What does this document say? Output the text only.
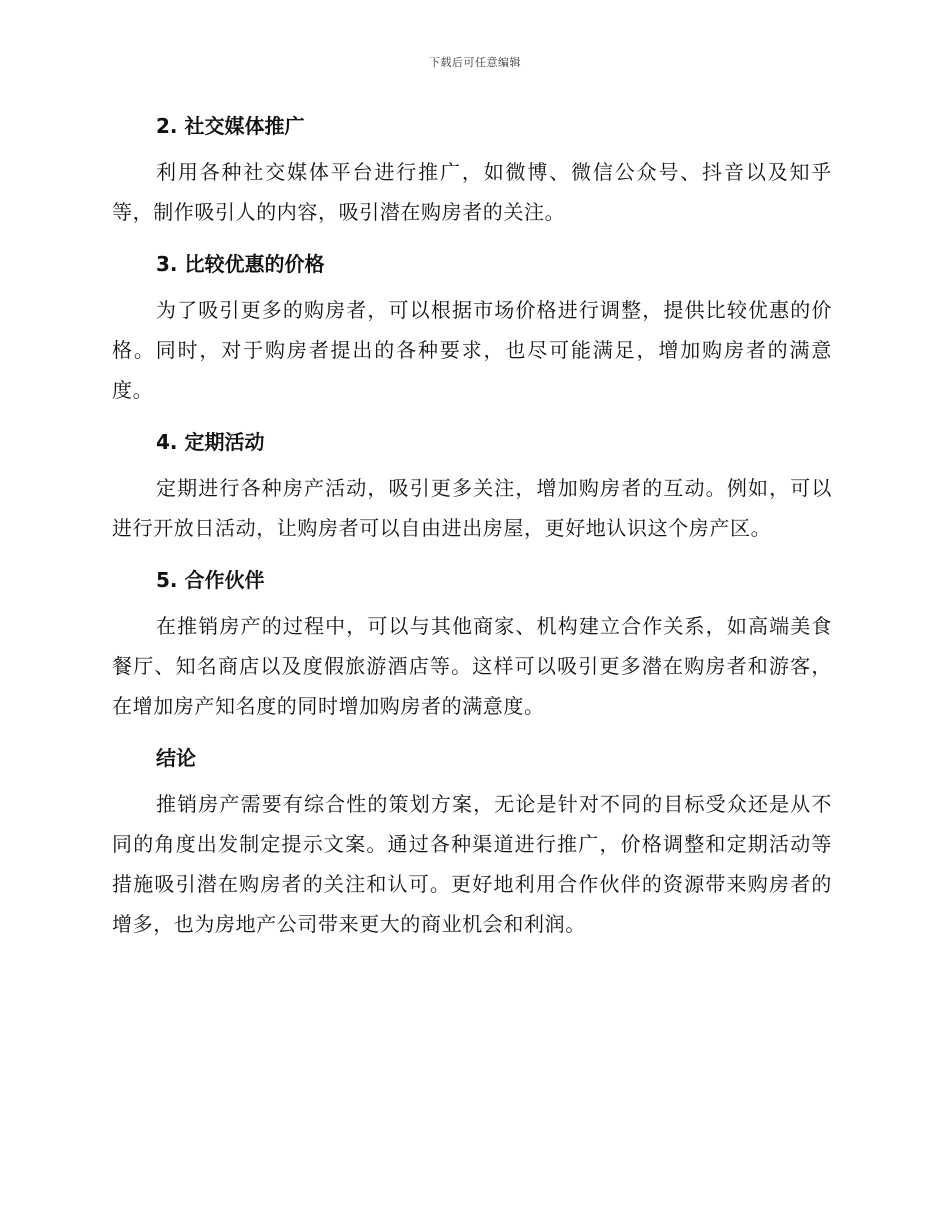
下载后可任意编辑
2. 社交媒体推广

利用各种社交媒体平台进行推广，如微博、微信公众号、抖音以及知乎等，制作吸引人的内容，吸引潜在购房者的关注。

3. 比较优惠的价格

为了吸引更多的购房者，可以根据市场价格进行调整，提供比较优惠的价格。同时，对于购房者提出的各种要求，也尽可能满足，增加购房者的满意度。

4. 定期活动

定期进行各种房产活动，吸引更多关注，增加购房者的互动。例如，可以进行开放日活动，让购房者可以自由进出房屋，更好地认识这个房产区。

5. 合作伙伴

在推销房产的过程中，可以与其他商家、机构建立合作关系，如高端美食餐厅、知名商店以及度假旅游酒店等。这样可以吸引更多潜在购房者和游客，在增加房产知名度的同时增加购房者的满意度。

结论

推销房产需要有综合性的策划方案，无论是针对不同的目标受众还是从不同的角度出发制定提示文案。通过各种渠道进行推广，价格调整和定期活动等措施吸引潜在购房者的关注和认可。更好地利用合作伙伴的资源带来购房者的增多，也为房地产公司带来更大的商业机会和利润。
